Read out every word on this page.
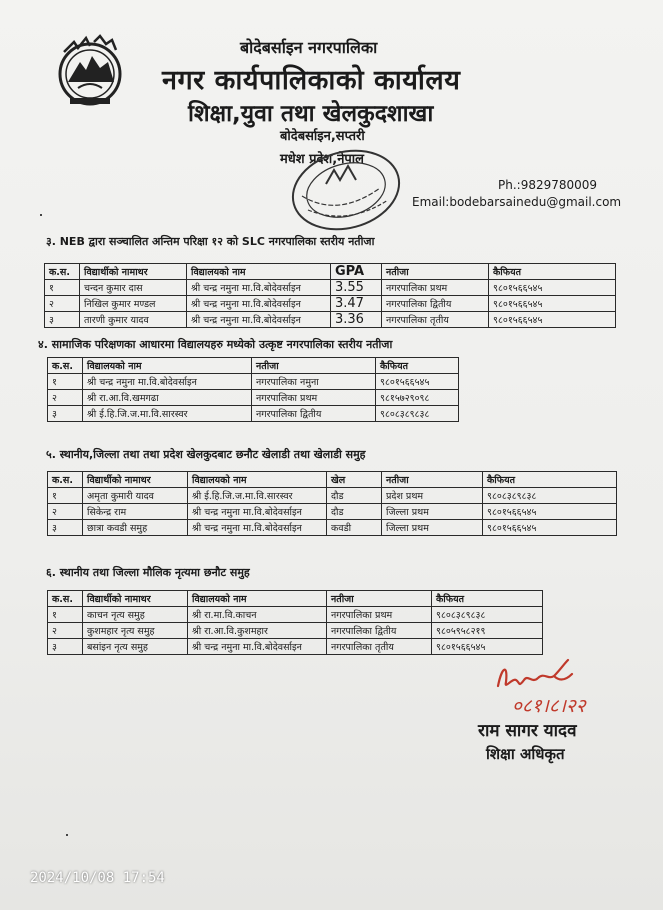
बोदेबर्साइन नगरपालिका
नगर कार्यपालिकाको कार्यालय
शिक्षा,युवा तथा खेलकुदशाखा
बोदेबर्साइन,सप्तरी
मधेश प्रदेश,नेपाल
Ph.:9829780009
Email:bodebarsainedu@gmail.com
३. NEB द्वारा सञ्चालित अन्तिम परिक्षा १२ को SLC नगरपालिका स्तरीय नतीजा
क.स.	विद्यार्थीको नामाथर	विद्यालयको नाम	GPA	नतीजा	कैफियत
१	चन्दन कुमार दास	श्री चन्द्र नमुना मा.वि.बोदेवर्साइन	3.55	नगरपालिका प्रथम	९८०१५६६५४५
२	निखिल कुमार मण्डल	श्री चन्द्र नमुना मा.वि.बोदेवर्साइन	3.47	नगरपालिका द्वितीय	९८०१५६६५४५
३	तारणी कुमार यादव	श्री चन्द्र नमुना मा.वि.बोदेवर्साइन	3.36	नगरपालिका तृतीय	९८०१५६६५४५
४. सामाजिक परिक्षणका आधारमा विद्यालयहरु मध्येको उत्कृष्ट नगरपालिका स्तरीय नतीजा
क.स.	विद्यालयको नाम	नतीजा	कैफियत
१	श्री चन्द्र नमुना मा.वि.बोदेवर्साइन	नगरपालिका नमुना	९८०१५६६५४५
२	श्री रा.आ.वि.खमगढा	नगरपालिका प्रथम	९८१५७२९०९८
३	श्री ई.हि.जि.ज.मा.वि.सारस्वर	नगरपालिका द्वितीय	९८०८३८९८३८
५. स्थानीय,जिल्ला तथा तथा प्रदेश खेलकुदबाट छनौट खेलाडी तथा खेलाडी समुह
क.स.	विद्यार्थीको नामाथर	विद्यालयको नाम	खेल	नतीजा	कैफियत
१	अमृता कुमारी यादव	श्री ई.हि.जि.ज.मा.वि.सारस्वर	दौड	प्रदेश प्रथम	९८०८३८९८३८
२	सिकेन्द्र राम	श्री चन्द्र नमुना मा.वि.बोदेवर्साइन	दौड	जिल्ला प्रथम	९८०१५६६५४५
३	छात्रा कवडी समुह	श्री चन्द्र नमुना मा.वि.बोदेवर्साइन	कवडी	जिल्ला प्रथम	९८०१५६६५४५
६. स्थानीय तथा जिल्ला मौलिक नृत्यमा छनौट समुह
क.स.	विद्यार्थीको नामाथर	विद्यालयको नाम	नतीजा	कैफियत
१	काचन नृत्य समुह	श्री रा.मा.वि.काचन	नगरपालिका प्रथम	९८०८३८९८३८
२	कुशमहार नृत्य समुह	श्री रा.आ.वि.कुशमहार	नगरपालिका द्वितीय	९८०५९५८२१९
३	बसांइन नृत्य समुह	श्री चन्द्र नमुना मा.वि.बोदेवर्साइन	नगरपालिका तृतीय	९८०१५६६५४५
०८१।८।२२
राम सागर यादव
शिक्षा अधिकृत
2024/10/08 17:54
